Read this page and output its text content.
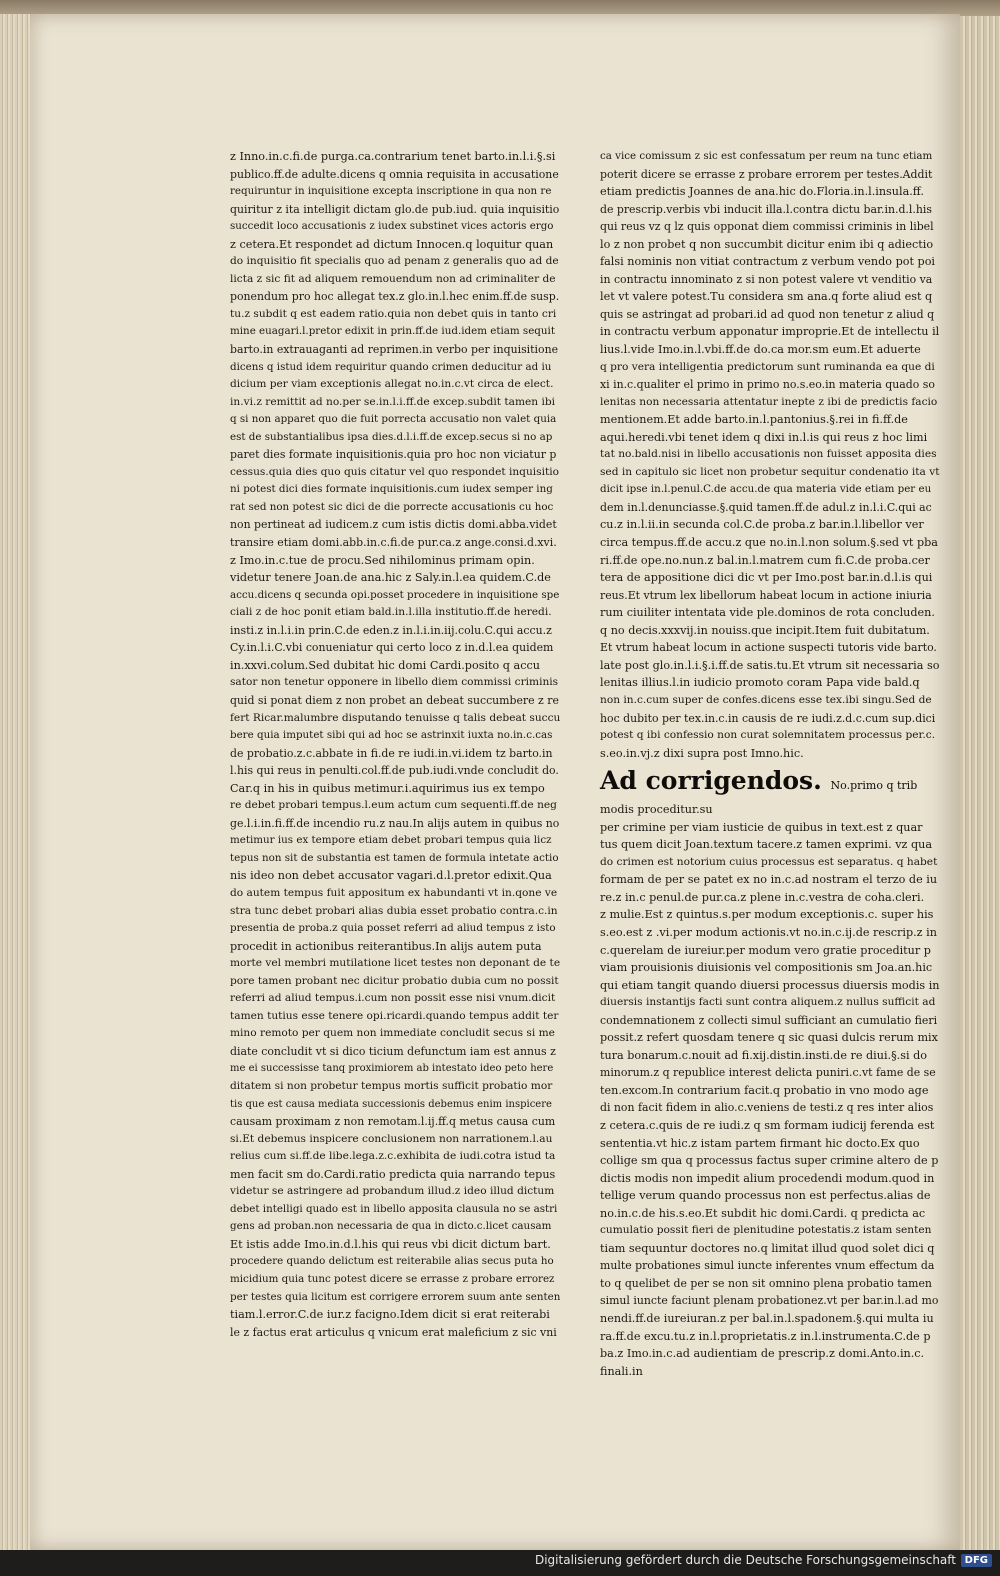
z Inno.in.c.fi.de purga.ca.contrarium tenet barto.in.l.i.§.si
publico.ff.de adulte.dicens q omnia requisita in accusatione
requiruntur in inquisitione excepta inscriptione in qua non re
quiritur z ita intelligit dictam glo.de pub.iud. quia inquisitio
succedit loco accusationis z iudex substinet vices actoris ergo
z cetera.Et respondet ad dictum Innocen.q loquitur quan
do inquisitio fit specialis quo ad penam z generalis quo ad de
licta z sic fit ad aliquem remouendum non ad criminaliter de
ponendum pro hoc allegat tex.z glo.in.l.hec enim.ff.de susp.
tu.z subdit q est eadem ratio.quia non debet quis in tanto cri
mine euagari.l.pretor edixit in prin.ff.de iud.idem etiam sequit
barto.in extrauaganti ad reprimen.in verbo per inquisitione
dicens q istud idem requiritur quando crimen deducitur ad iu
dicium per viam exceptionis allegat no.in.c.vt circa de elect.
in.vi.z remittit ad no.per se.in.l.i.ff.de excep.subdit tamen ibi
q si non apparet quo die fuit porrecta accusatio non valet quia
est de substantialibus ipsa dies.d.l.i.ff.de excep.secus si no ap
paret dies formate inquisitionis.quia pro hoc non viciatur p
cessus.quia dies quo quis citatur vel quo respondet inquisitio
ni potest dici dies formate inquisitionis.cum iudex semper ing
rat sed non potest sic dici de die porrecte accusationis cu hoc
non pertineat ad iudicem.z cum istis dictis domi.abba.videt
transire etiam domi.abb.in.c.fi.de pur.ca.z ange.consi.d.xvi.
z Imo.in.c.tue de procu.Sed nihilominus primam opin.
videtur tenere Joan.de ana.hic z Saly.in.l.ea quidem.C.de
accu.dicens q secunda opi.posset procedere in inquisitione spe
ciali z de hoc ponit etiam bald.in.l.illa institutio.ff.de heredi.
insti.z in.l.i.in prin.C.de eden.z in.l.i.in.iij.colu.C.qui accu.z
Cy.in.l.i.C.vbi conueniatur qui certo loco z in.d.l.ea quidem
in.xxvi.colum.Sed dubitat hic domi Cardi.posito q accu
sator non tenetur opponere in libello diem commissi criminis
quid si ponat diem z non probet an debeat succumbere z re
fert Ricar.malumbre disputando tenuisse q talis debeat succu
bere quia imputet sibi qui ad hoc se astrinxit iuxta no.in.c.cas
de probatio.z.c.abbate in fi.de re iudi.in.vi.idem tz barto.in
l.his qui reus in penulti.col.ff.de pub.iudi.vnde concludit do.
Car.q in his in quibus metimur.i.aquirimus ius ex tempo
re debet probari tempus.l.eum actum cum sequenti.ff.de neg
ge.l.i.in.fi.ff.de incendio ru.z nau.In alijs autem in quibus no
metimur ius ex tempore etiam debet probari tempus quia licz
tepus non sit de substantia est tamen de formula intetate actio
nis ideo non debet accusator vagari.d.l.pretor edixit.Qua
do autem tempus fuit appositum ex habundanti vt in.qone ve
stra tunc debet probari alias dubia esset probatio contra.c.in
presentia de proba.z quia posset referri ad aliud tempus z isto
procedit in actionibus reiterantibus.In alijs autem puta
morte vel membri mutilatione licet testes non deponant de te
pore tamen probant nec dicitur probatio dubia cum no possit
referri ad aliud tempus.i.cum non possit esse nisi vnum.dicit
tamen tutius esse tenere opi.ricardi.quando tempus addit ter
mino remoto per quem non immediate concludit secus si me
diate concludit vt si dico ticium defunctum iam est annus z
me ei successisse tanq proximiorem ab intestato ideo peto here
ditatem si non probetur tempus mortis sufficit probatio mor
tis que est causa mediata successionis debemus enim inspicere
causam proximam z non remotam.l.ij.ff.q metus causa cum
si.Et debemus inspicere conclusionem non narrationem.l.au
relius cum si.ff.de libe.lega.z.c.exhibita de iudi.cotra istud ta
men facit sm do.Cardi.ratio predicta quia narrando tepus
videtur se astringere ad probandum illud.z ideo illud dictum
debet intelligi quado est in libello apposita clausula no se astri
gens ad proban.non necessaria de qua in dicto.c.licet causam
Et istis adde Imo.in.d.l.his qui reus vbi dicit dictum bart.
procedere quando delictum est reiterabile alias secus puta ho
micidium quia tunc potest dicere se errasse z probare errorez
per testes quia licitum est corrigere errorem suum ante senten
tiam.l.error.C.de iur.z facigno.Idem dicit si erat reiterabi
le z factus erat articulus q vnicum erat maleficium z sic vni
ca vice comissum z sic est confessatum per reum na tunc etiam
poterit dicere se errasse z probare errorem per testes.Addit
etiam predictis Joannes de ana.hic do.Floria.in.l.insula.ff.
de prescrip.verbis vbi inducit illa.l.contra dictu bar.in.d.l.his
qui reus vz q lz quis opponat diem commissi criminis in libel
lo z non probet q non succumbit dicitur enim ibi q adiectio
falsi nominis non vitiat contractum z verbum vendo pot poi
in contractu innominato z si non potest valere vt venditio va
let vt valere potest.Tu considera sm ana.q forte aliud est q
quis se astringat ad probari.id ad quod non tenetur z aliud q
in contractu verbum apponatur improprie.Et de intellectu il
lius.l.vide Imo.in.l.vbi.ff.de do.ca mor.sm eum.Et aduerte
q pro vera intelligentia predictorum sunt ruminanda ea que di
xi in.c.qualiter el primo in primo no.s.eo.in materia quado so
lenitas non necessaria attentatur inepte z ibi de predictis facio
mentionem.Et adde barto.in.l.pantonius.§.rei in fi.ff.de
aqui.heredi.vbi tenet idem q dixi in.l.is qui reus z hoc limi
tat no.bald.nisi in libello accusationis non fuisset apposita dies
sed in capitulo sic licet non probetur sequitur condenatio ita vt
dicit ipse in.l.penul.C.de accu.de qua materia vide etiam per eu
dem in.l.denunciasse.§.quid tamen.ff.de adul.z in.l.i.C.qui ac
cu.z in.l.ii.in secunda col.C.de proba.z bar.in.l.libellor ver
circa tempus.ff.de accu.z que no.in.l.non solum.§.sed vt pba
ri.ff.de ope.no.nun.z bal.in.l.matrem cum fi.C.de proba.cer
tera de appositione dici dic vt per Imo.post bar.in.d.l.is qui
reus.Et vtrum lex libellorum habeat locum in actione iniuria
rum ciuiliter intentata vide ple.dominos de rota concluden.
q no decis.xxxvij.in nouiss.que incipit.Item fuit dubitatum.
Et vtrum habeat locum in actione suspecti tutoris vide barto.
late post glo.in.l.i.§.i.ff.de satis.tu.Et vtrum sit necessaria so
lenitas illius.l.in iudicio promoto coram Papa vide bald.q
non in.c.cum super de confes.dicens esse tex.ibi singu.Sed de
hoc dubito per tex.in.c.in causis de re iudi.z.d.c.cum sup.dici
potest q ibi confessio non curat solemnitatem processus per.c.
s.eo.in.vj.z dixi supra post Imno.hic.
Ad corrigendos. No.primo q trib
modis proceditur.su
per crimine per viam iusticie de quibus in text.est z quar
tus quem dicit Joan.textum tacere.z tamen exprimi. vz qua
do crimen est notorium cuius processus est separatus. q habet
formam de per se patet ex no in.c.ad nostram el terzo de iu
re.z in.c penul.de pur.ca.z plene in.c.vestra de coha.cleri.
z mulie.Est z quintus.s.per modum exceptionis.c. super his
s.eo.est z .vi.per modum actionis.vt no.in.c.ij.de rescrip.z in
c.querelam de iureiur.per modum vero gratie proceditur p
viam prouisionis diuisionis vel compositionis sm Joa.an.hic
qui etiam tangit quando diuersi processus diuersis modis in
diuersis instantijs facti sunt contra aliquem.z nullus sufficit ad
condemnationem z collecti simul sufficiant an cumulatio fieri
possit.z refert quosdam tenere q sic quasi dulcis rerum mix
tura bonarum.c.nouit ad fi.xij.distin.insti.de re diui.§.si do
minorum.z q republice interest delicta puniri.c.vt fame de se
ten.excom.In contrarium facit.q probatio in vno modo age
di non facit fidem in alio.c.veniens de testi.z q res inter alios
z cetera.c.quis de re iudi.z q sm formam iudicij ferenda est
sententia.vt hic.z istam partem firmant hic docto.Ex quo
collige sm qua q processus factus super crimine altero de p
dictis modis non impedit alium procedendi modum.quod in
tellige verum quando processus non est perfectus.alias de
no.in.c.de his.s.eo.Et subdit hic domi.Cardi. q predicta ac
cumulatio possit fieri de plenitudine potestatis.z istam senten
tiam sequuntur doctores no.q limitat illud quod solet dici q
multe probationes simul iuncte inferentes vnum effectum da
to q quelibet de per se non sit omnino plena probatio tamen
simul iuncte faciunt plenam probationez.vt per bar.in.l.ad mo
nendi.ff.de iureiuran.z per bal.in.l.spadonem.§.qui multa iu
ra.ff.de excu.tu.z in.l.proprietatis.z in.l.instrumenta.C.de p
ba.z Imo.in.c.ad audientiam de prescrip.z domi.Anto.in.c.
finali.in
Digitalisierung gefördert durch die Deutsche Forschungsgemeinschaft DFG
